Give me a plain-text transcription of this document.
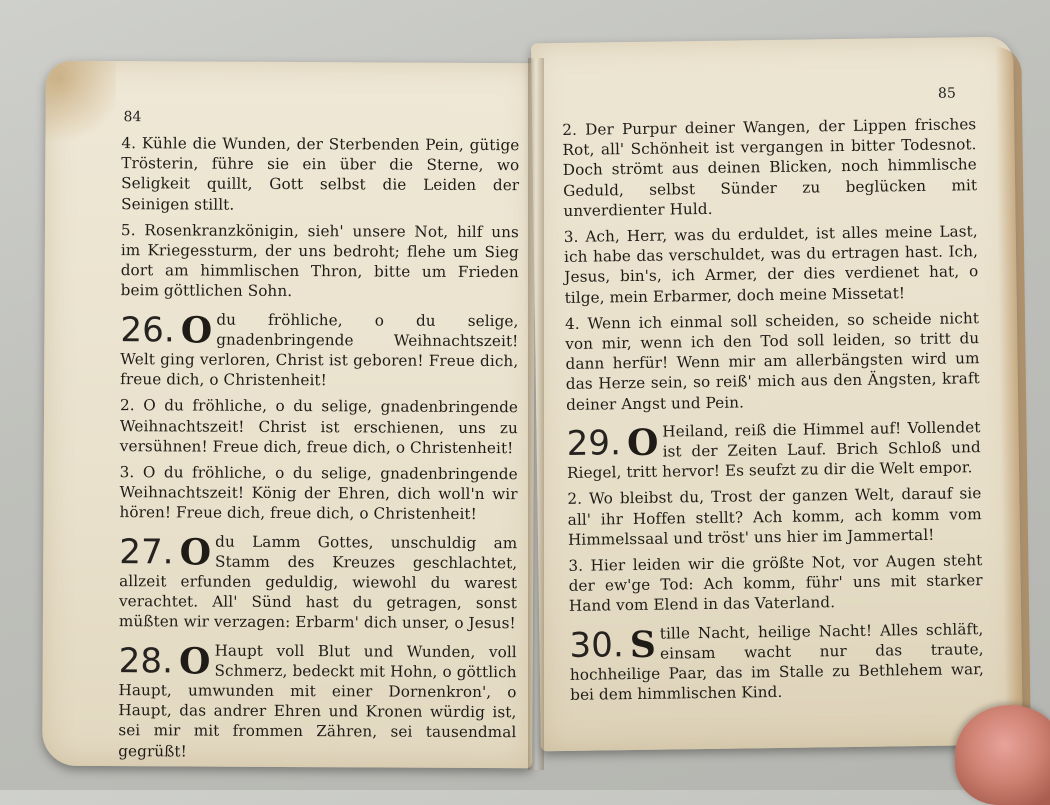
84

4. Kühle die Wunden, der Sterbenden Pein, gütige Trösterin, führe sie ein über die Sterne, wo Seligkeit quillt, Gott selbst die Leiden der Seinigen stillt.

5. Rosenkranzkönigin, sieh' unsere Not, hilf uns im Kriegessturm, der uns bedroht; flehe um Sieg dort am himmlischen Thron, bitte um Frieden beim göttlichen Sohn.

26. O du fröhliche, o du selige, gnadenbringende Weihnachtszeit! Welt ging verloren, Christ ist geboren! Freue dich, freue dich, o Christenheit!

2. O du fröhliche, o du selige, gnadenbringende Weihnachtszeit! Christ ist erschienen, uns zu versühnen! Freue dich, freue dich, o Christenheit!

3. O du fröhliche, o du selige, gnadenbringende Weihnachtszeit! König der Ehren, dich woll'n wir hören! Freue dich, freue dich, o Christenheit!

27. O du Lamm Gottes, unschuldig am Stamm des Kreuzes geschlachtet, allzeit erfunden geduldig, wiewohl du warest verachtet. All' Sünd hast du getragen, sonst müßten wir verzagen: Erbarm' dich unser, o Jesus!
28. O Haupt voll Blut und Wunden, voll Schmerz, bedeckt mit Hohn, o göttlich Haupt, umwunden mit einer Dornenkron', o Haupt, das andrer Ehren und Kronen würdig ist, sei mir mit frommen Zähren, sei tausendmal gegrüßt!
85

2. Der Purpur deiner Wangen, der Lippen frisches Rot, all' Schönheit ist vergangen in bitter Todesnot. Doch strömt aus deinen Blicken, noch himmlische Geduld, selbst Sünder zu beglücken mit unverdienter Huld.

3. Ach, Herr, was du erduldet, ist alles meine Last, ich habe das verschuldet, was du ertragen hast. Ich, Jesus, bin's, ich Armer, der dies verdienet hat, o tilge, mein Erbarmer, doch meine Missetat!

4. Wenn ich einmal soll scheiden, so scheide nicht von mir, wenn ich den Tod soll leiden, so tritt du dann herfür! Wenn mir am allerbängsten wird um das Herze sein, so reiß' mich aus den Ängsten, kraft deiner Angst und Pein.

29. O Heiland, reiß die Himmel auf! Vollendet ist der Zeiten Lauf. Brich Schloß und Riegel, tritt hervor! Es seufzt zu dir die Welt empor.

2. Wo bleibst du, Trost der ganzen Welt, darauf sie all' ihr Hoffen stellt? Ach komm, ach komm vom Himmelssaal und tröst' uns hier im Jammertal!

3. Hier leiden wir die größte Not, vor Augen steht der ew'ge Tod: Ach komm, führ' uns mit starker Hand vom Elend in das Vaterland.

30. S tille Nacht, heilige Nacht! Alles schläft, einsam wacht nur das traute, hochheilige Paar, das im Stalle zu Bethlehem war, bei dem himmlischen Kind.
